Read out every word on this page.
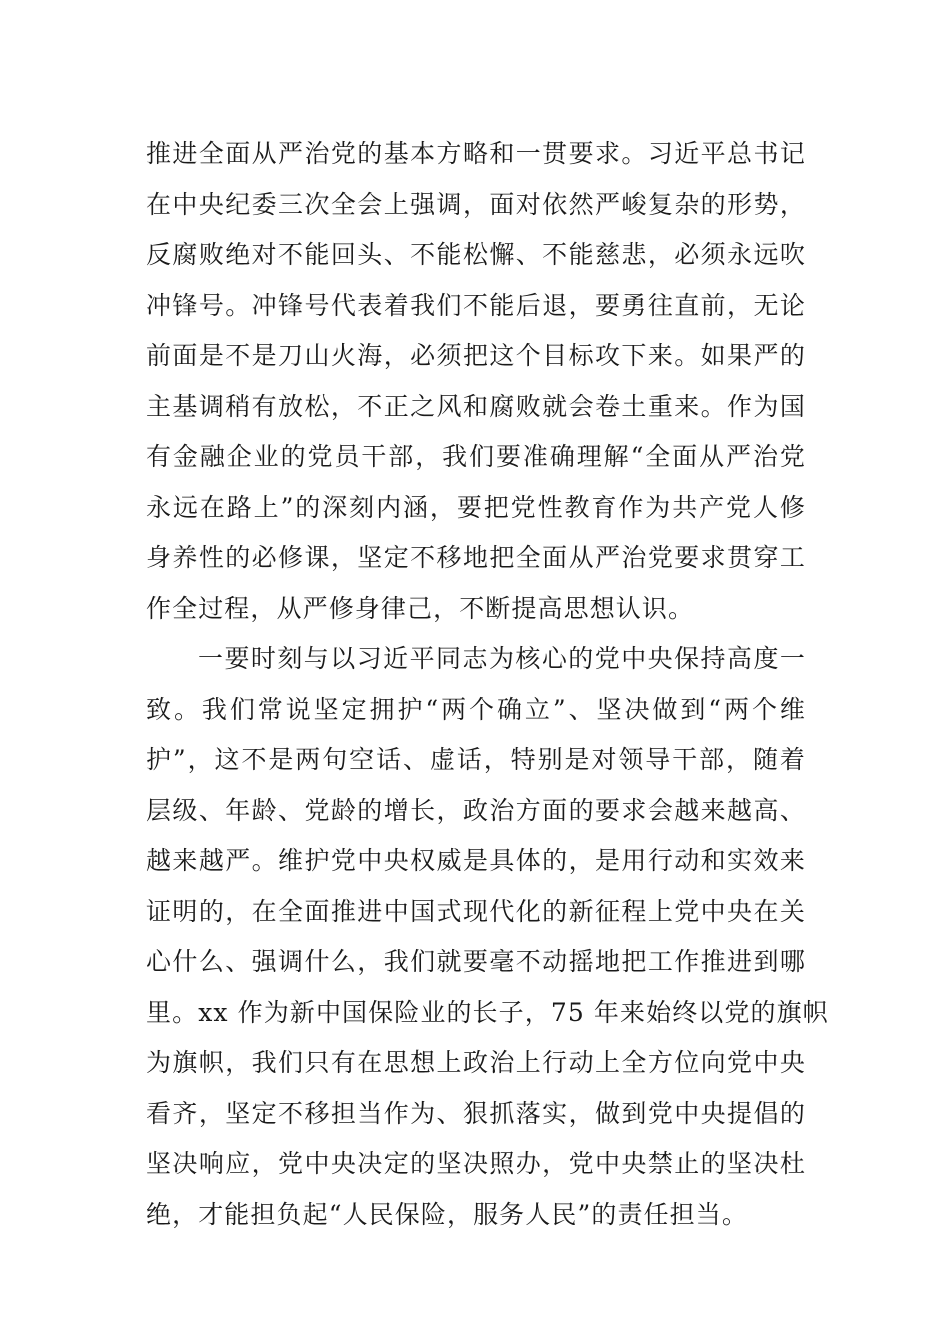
推进全面从严治党的基本方略和一贯要求。习近平总书记
在中央纪委三次全会上强调，面对依然严峻复杂的形势，
反腐败绝对不能回头、不能松懈、不能慈悲，必须永远吹
冲锋号。冲锋号代表着我们不能后退，要勇往直前，无论
前面是不是刀山火海，必须把这个目标攻下来。如果严的
主基调稍有放松，不正之风和腐败就会卷土重来。作为国
有金融企业的党员干部，我们要准确理解“全面从严治党
永远在路上”的深刻内涵，要把党性教育作为共产党人修
身养性的必修课，坚定不移地把全面从严治党要求贯穿工
作全过程，从严修身律己，不断提高思想认识。
一要时刻与以习近平同志为核心的党中央保持高度一
致。我们常说坚定拥护“两个确立”、坚决做到“两个维
护”，这不是两句空话、虚话，特别是对领导干部，随着
层级、年龄、党龄的增长，政治方面的要求会越来越高、
越来越严。维护党中央权威是具体的，是用行动和实效来
证明的，在全面推进中国式现代化的新征程上党中央在关
心什么、强调什么，我们就要毫不动摇地把工作推进到哪
里。xx 作为新中国保险业的长子，75 年来始终以党的旗帜
为旗帜，我们只有在思想上政治上行动上全方位向党中央
看齐，坚定不移担当作为、狠抓落实，做到党中央提倡的
坚决响应，党中央决定的坚决照办，党中央禁止的坚决杜
绝，才能担负起“人民保险，服务人民”的责任担当。
